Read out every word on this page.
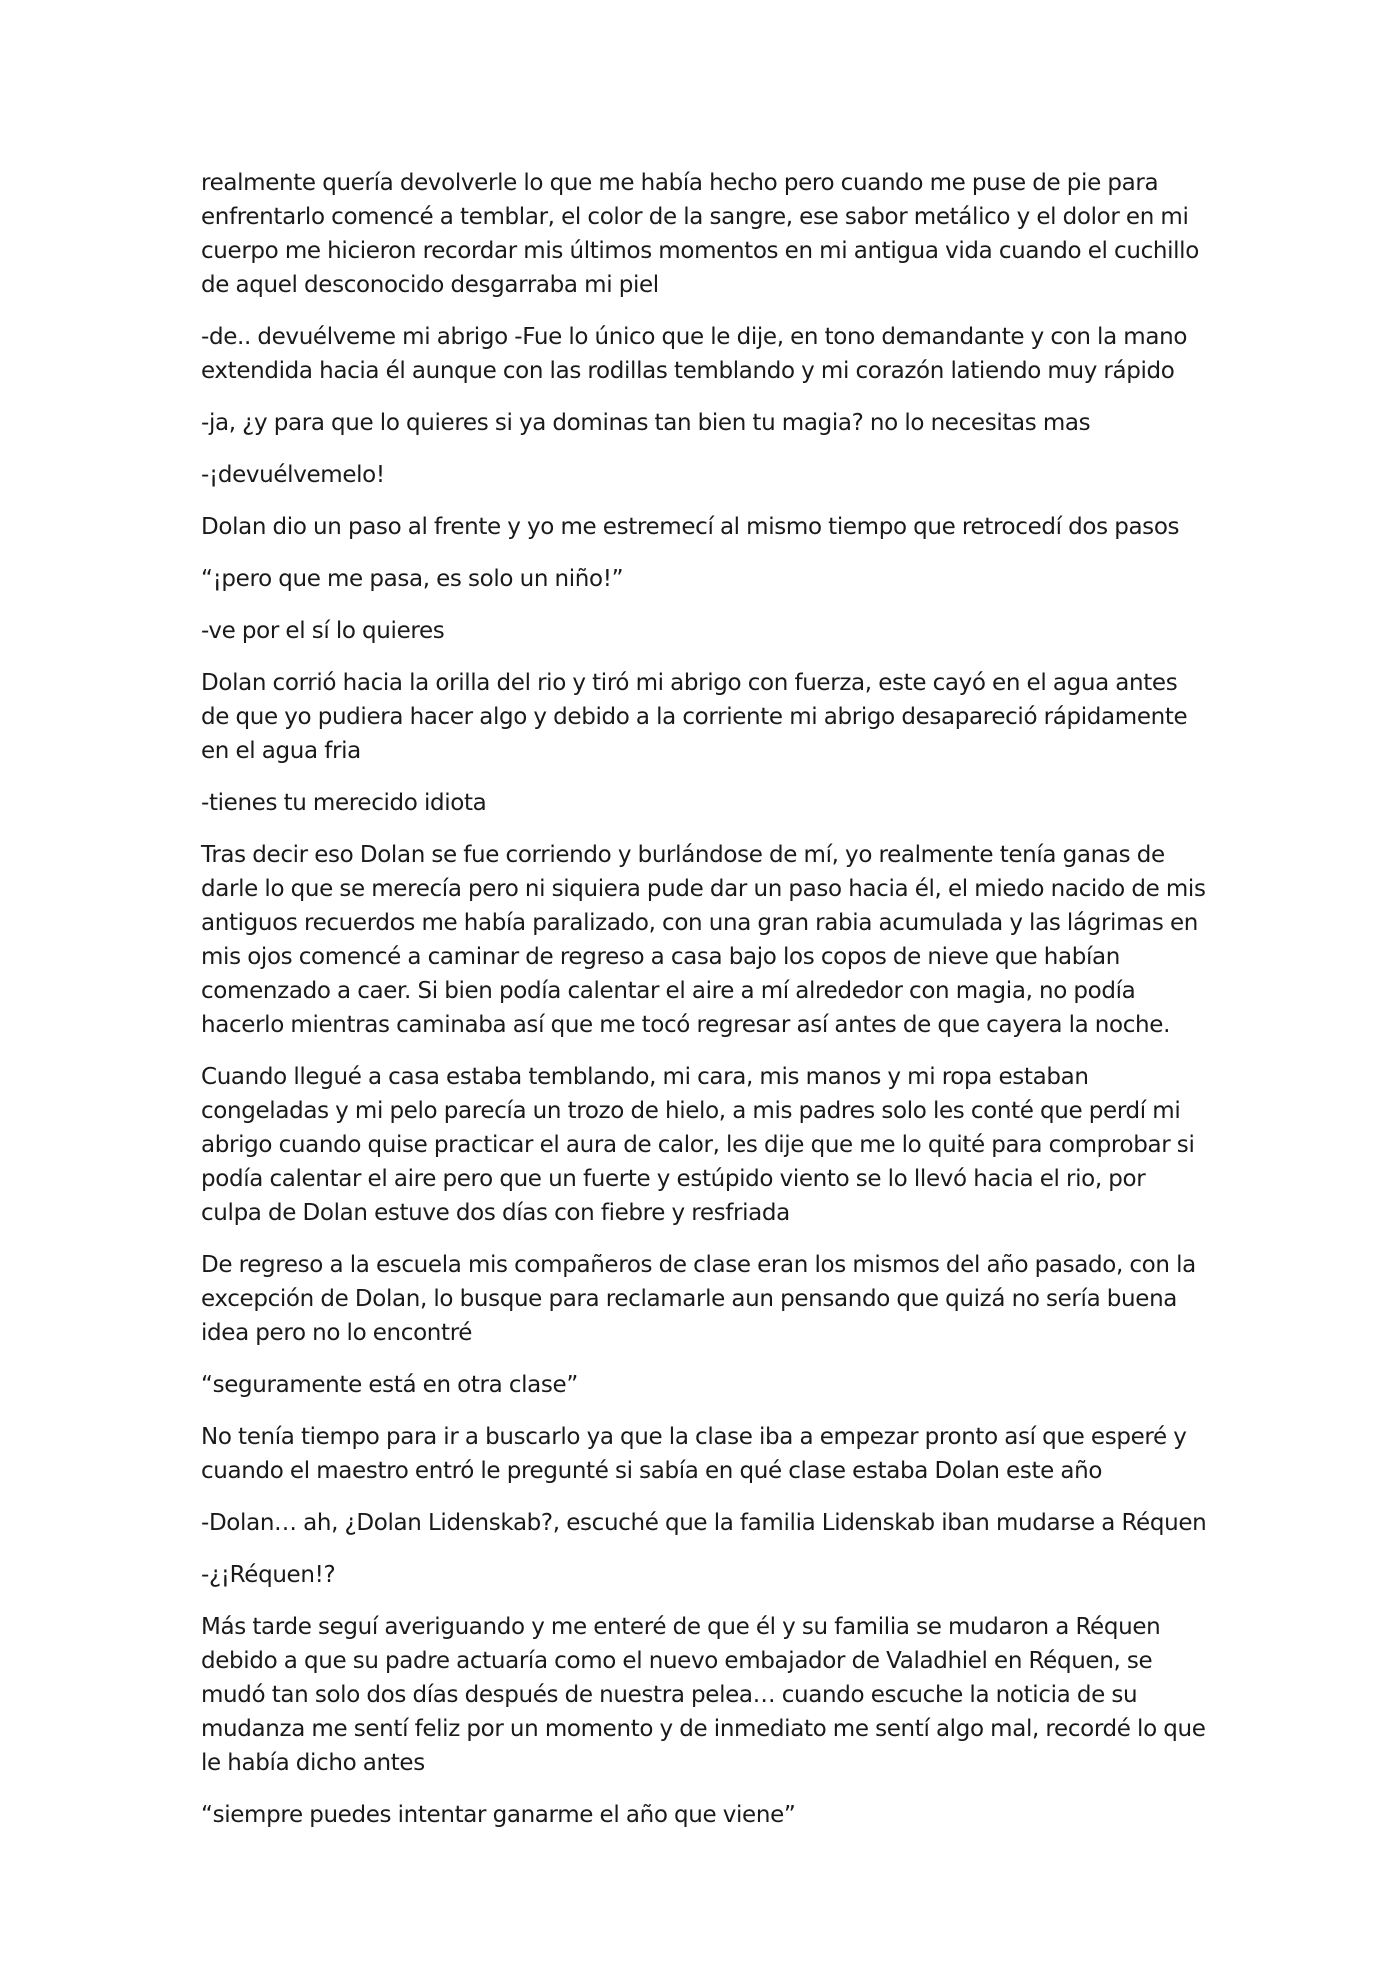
realmente quería devolverle lo que me había hecho pero cuando me puse de pie para enfrentarlo comencé a temblar, el color de la sangre, ese sabor metálico y el dolor en mi cuerpo me hicieron recordar mis últimos momentos en mi antigua vida cuando el cuchillo de aquel desconocido desgarraba mi piel

-de.. devuélveme mi abrigo -Fue lo único que le dije, en tono demandante y con la mano extendida hacia él aunque con las rodillas temblando y mi corazón latiendo muy rápido

-ja, ¿y para que lo quieres si ya dominas tan bien tu magia? no lo necesitas mas

-¡devuélvemelo!

Dolan dio un paso al frente y yo me estremecí al mismo tiempo que retrocedí dos pasos

“¡pero que me pasa, es solo un niño!”

-ve por el sí lo quieres

Dolan corrió hacia la orilla del rio y tiró mi abrigo con fuerza, este cayó en el agua antes de que yo pudiera hacer algo y debido a la corriente mi abrigo desapareció rápidamente en el agua fria

-tienes tu merecido idiota

Tras decir eso Dolan se fue corriendo y burlándose de mí, yo realmente tenía ganas de darle lo que se merecía pero ni siquiera pude dar un paso hacia él, el miedo nacido de mis antiguos recuerdos me había paralizado, con una gran rabia acumulada y las lágrimas en mis ojos comencé a caminar de regreso a casa bajo los copos de nieve que habían comenzado a caer. Si bien podía calentar el aire a mí alrededor con magia, no podía hacerlo mientras caminaba así que me tocó regresar así antes de que cayera la noche.

Cuando llegué a casa estaba temblando, mi cara, mis manos y mi ropa estaban congeladas y mi pelo parecía un trozo de hielo, a mis padres solo les conté que perdí mi abrigo cuando quise practicar el aura de calor, les dije que me lo quité para comprobar si podía calentar el aire pero que un fuerte y estúpido viento se lo llevó hacia el rio, por culpa de Dolan estuve dos días con fiebre y resfriada

De regreso a la escuela mis compañeros de clase eran los mismos del año pasado, con la excepción de Dolan, lo busque para reclamarle aun pensando que quizá no sería buena idea pero no lo encontré

“seguramente está en otra clase”

No tenía tiempo para ir a buscarlo ya que la clase iba a empezar pronto así que esperé y cuando el maestro entró le pregunté si sabía en qué clase estaba Dolan este año

-Dolan… ah, ¿Dolan Lidenskab?, escuché que la familia Lidenskab iban mudarse a Réquen

-¿¡Réquen!?

Más tarde seguí averiguando y me enteré de que él y su familia se mudaron a Réquen debido a que su padre actuaría como el nuevo embajador de Valadhiel en Réquen, se mudó tan solo dos días después de nuestra pelea… cuando escuche la noticia de su mudanza me sentí feliz por un momento y de inmediato me sentí algo mal, recordé lo que le había dicho antes

“siempre puedes intentar ganarme el año que viene”
